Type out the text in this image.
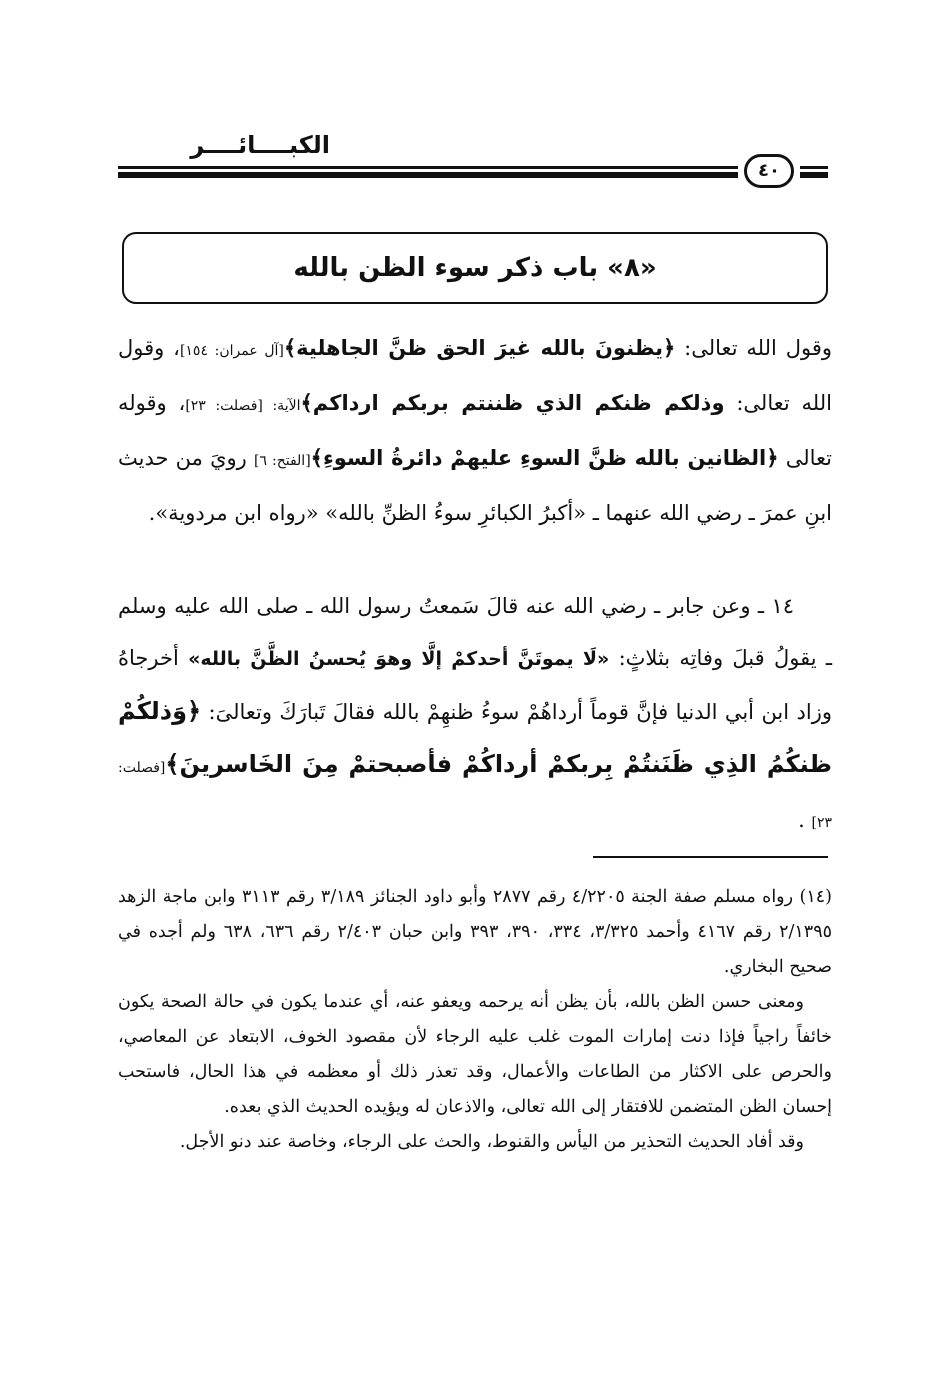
الكبــــائــــر
٤٠
«٨» باب ذكر سوء الظن بالله

وقول الله تعالى: ﴿يظنونَ بالله غيرَ الحق ظنَّ الجاهلية﴾[آل عمران: ١٥٤]، وقول الله تعالى: وذلكم ظنكم الذي ظننتم بربكم ارداكم﴾الآية: [فصلت: ٢٣]، وقوله تعالى ﴿الظانين بالله ظنَّ السوءِ عليهمْ دائرةُ السوءِ﴾[الفتح: ٦] رويَ من حديث ابنِ عمرَ ـ رضي الله عنهما ـ «أكبرُ الكبائرِ سوءُ الظنِّ بالله» «رواه ابن مردوية».

١٤ ـ وعن جابر ـ رضي الله عنه قالَ سَمعتُ رسول الله ـ صلى الله عليه وسلم ـ يقولُ قبلَ وفاتِه بثلاثٍ: «لَا يموتَنَّ أحدكمْ إلَّا وهوَ يُحسنُ الظَّنَّ بالله» أخرجاهُ وزاد ابن أبي الدنيا فإنَّ قوماً أرداهُمْ سوءُ ظنهِمْ بالله فقالَ تَبارَكَ وتعالىَ: ﴿وَذلكُمْ ظنكُمُ الذِي ظَنَنتُمْ بِربكمْ أرداكُمْ فأصبحتمْ مِنَ الخَاسرينَ﴾[فصلت: ٢٣] .

(١٤) رواه مسلم صفة الجنة ٤/٢٢٠٥ رقم ٢٨٧٧ وأبو داود الجنائز ٣/١٨٩ رقم ٣١١٣ وابن ماجة الزهد ٢/١٣٩٥ رقم ٤١٦٧ وأحمد ٣/٣٢٥، ٣٣٤، ٣٩٠، ٣٩٣ وابن حبان ٢/٤٠٣ رقم ٦٣٦، ٦٣٨ ولم أجده في صحيح البخاري.

ومعنى حسن الظن بالله، بأن يظن أنه يرحمه ويعفو عنه، أي عندما يكون في حالة الصحة يكون خائفاً راجياً فإذا دنت إمارات الموت غلب عليه الرجاء لأن مقصود الخوف، الابتعاد عن المعاصي، والحرص على الاكثار من الطاعات والأعمال، وقد تعذر ذلك أو معظمه في هذا الحال، فاستحب إحسان الظن المتضمن للافتقار إلى الله تعالى، والاذعان له ويؤيده الحديث الذي بعده.

وقد أفاد الحديث التحذير من اليأس والقنوط، والحث على الرجاء، وخاصة عند دنو الأجل.
